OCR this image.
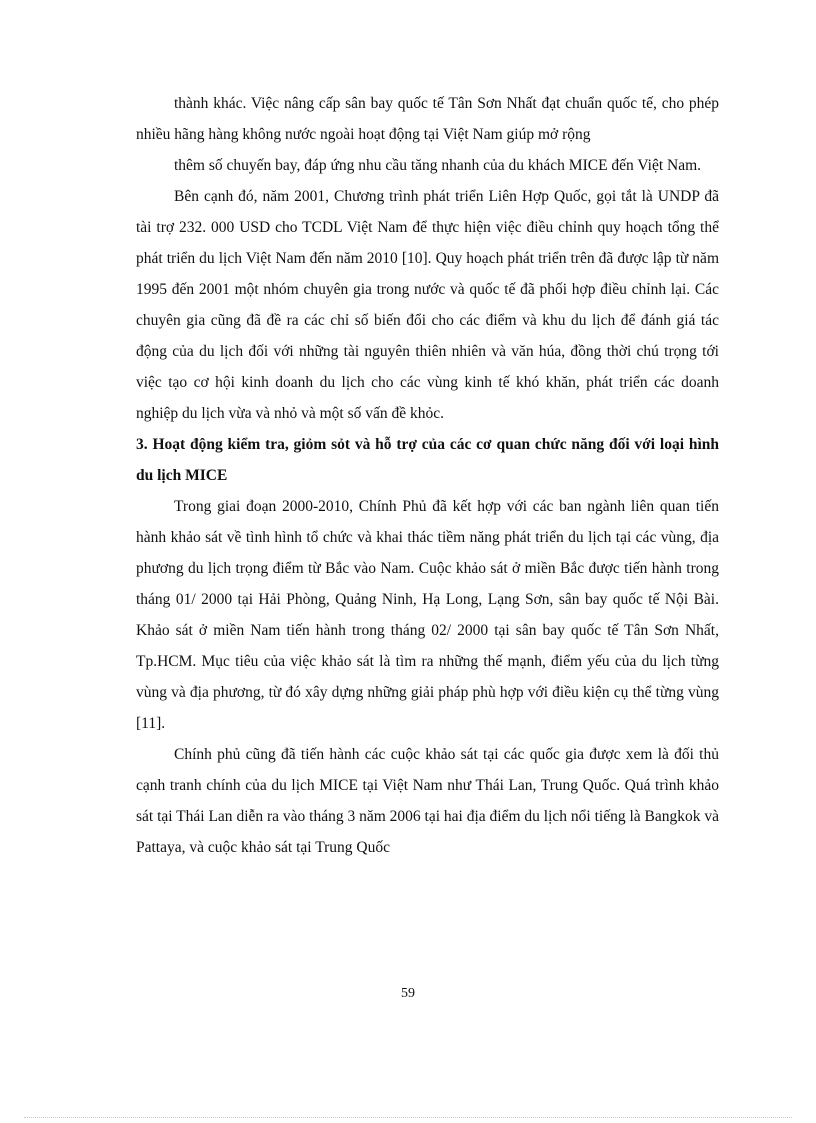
thành khác. Việc nâng cấp sân bay quốc tế Tân Sơn Nhất đạt chuẩn quốc tế, cho phép nhiều hãng hàng không nước ngoài hoạt động tại Việt Nam giúp mở rộng

thêm số chuyến bay, đáp ứng nhu cầu tăng nhanh của du khách MICE đến Việt Nam.

Bên cạnh đó, năm 2001, Chương trình phát triển Liên Hợp Quốc, gọi tắt là UNDP đã tài trợ 232. 000 USD cho TCDL Việt Nam để thực hiện việc điều chỉnh quy hoạch tổng thể phát triển du lịch Việt Nam đến năm 2010 [10]. Quy hoạch phát triển trên đã được lập từ năm 1995 đến 2001 một nhóm chuyên gia trong nước và quốc tế đã phối hợp điều chỉnh lại. Các chuyên gia cũng đã đề ra các chỉ số biến đổi cho các điểm và khu du lịch để đánh giá tác động của du lịch đối với những tài nguyên thiên nhiên và văn húa, đồng thời chú trọng tới việc tạo cơ hội kinh doanh du lịch cho các vùng kinh tế khó khăn, phát triển các doanh nghiệp du lịch vừa và nhỏ và một số vấn đề khỏc.

3. Hoạt động kiểm tra, giỏm sỏt và hỗ trợ của các cơ quan chức năng đối với loại hình du lịch MICE

Trong giai đoạn 2000-2010, Chính Phủ đã kết hợp với các ban ngành liên quan tiến hành khảo sát về tình hình tổ chức và khai thác tiềm năng phát triển du lịch tại các vùng, địa phương du lịch trọng điểm từ Bắc vào Nam. Cuộc khảo sát ở miền Bắc được tiến hành trong tháng 01/ 2000 tại Hải Phòng, Quảng Ninh, Hạ Long, Lạng Sơn, sân bay quốc tế Nội Bài. Khảo sát ở miền Nam tiến hành trong tháng 02/ 2000 tại sân bay quốc tế Tân Sơn Nhất, Tp.HCM. Mục tiêu của việc khảo sát là tìm ra những thế mạnh, điểm yếu của du lịch từng vùng và địa phương, từ đó xây dựng những giải pháp phù hợp với điều kiện cụ thể từng vùng [11].

Chính phủ cũng đã tiến hành các cuộc khảo sát tại các quốc gia được xem là đối thủ cạnh tranh chính của du lịch MICE tại Việt Nam như Thái Lan, Trung Quốc. Quá trình khảo sát tại Thái Lan diễn ra vào tháng 3 năm 2006 tại hai địa điểm du lịch nổi tiếng là Bangkok và Pattaya, và cuộc khảo sát tại Trung Quốc

59
